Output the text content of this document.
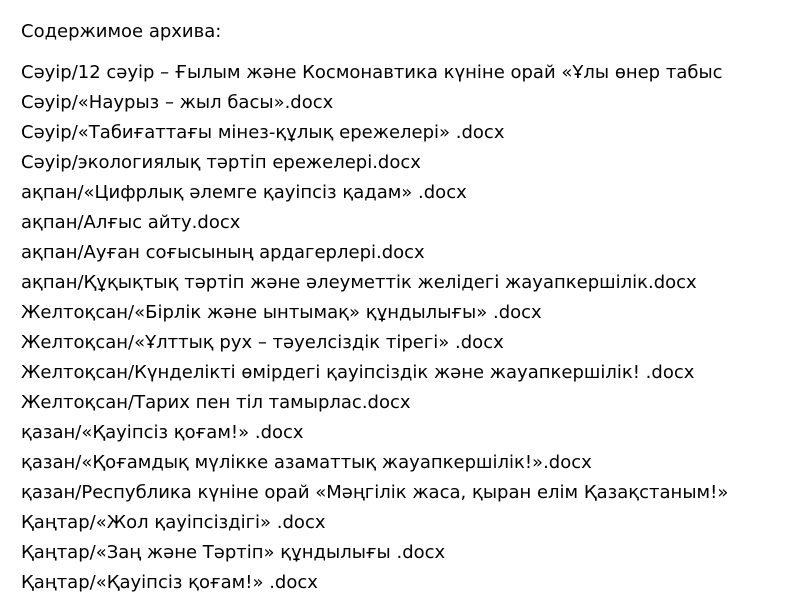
Содержимое архива:
Сәуір/12 сәуір – Ғылым және Космонавтика күніне орай «Ұлы өнер табыс
Сәуір/«Наурыз – жыл басы».docx
Сәуір/«Табиғаттағы мінез-құлық ережелері» .docx
Сәуір/экологиялық тәртіп ережелері.docx
ақпан/«Цифрлық әлемге қауіпсіз қадам» .docx
ақпан/Алғыс айту.docx
ақпан/Ауған соғысының ардагерлері.docx
ақпан/Құқықтық тәртіп және әлеуметтік желідегі жауапкершілік.docx
Желтоқсан/«Бірлік және ынтымақ» құндылығы» .docx
Желтоқсан/«Ұлттық рух – тәуелсіздік тірегі» .docx
Желтоқсан/Күнделікті өмірдегі қауіпсіздік және жауапкершілік! .docx
Желтоқсан/Тарих пен тіл тамырлас.docx
қазан/«Қауіпсіз қоғам!» .docx
қазан/«Қоғамдық мүлікке азаматтық жауапкершілік!».docx
қазан/Республика күніне орай «Мәңгілік жаса, қыран елім Қазақстаным!»
Қаңтар/«Жол қауіпсіздігі» .docx
Қаңтар/«Заң және Тәртіп» құндылығы .docx
Қаңтар/«Қауіпсіз қоғам!» .docx
